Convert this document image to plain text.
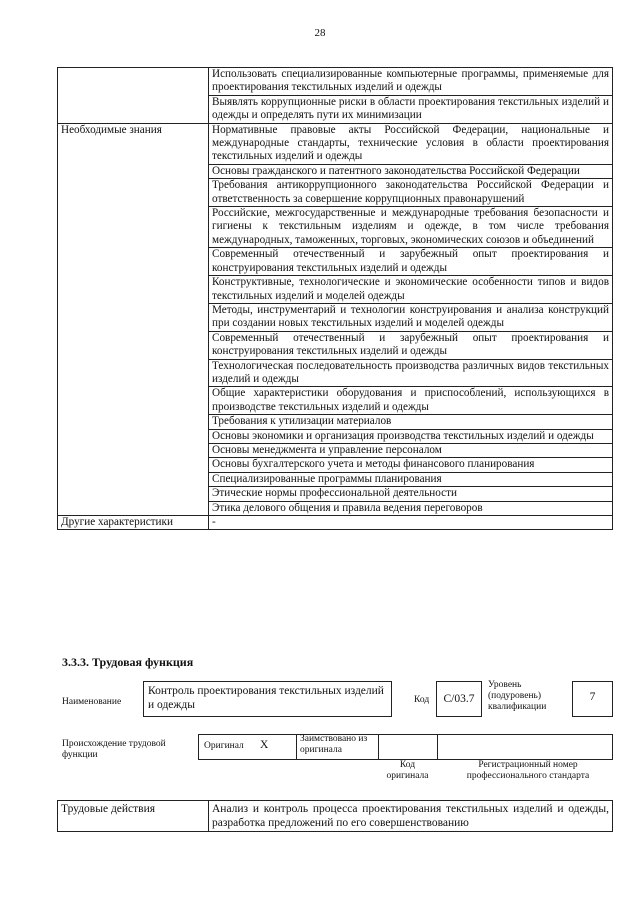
28
	Использовать специализированные компьютерные программы, применяемые для проектирования текстильных изделий и одежды
	Выявлять коррупционные риски в области проектирования текстильных изделий и одежды и определять пути их минимизации
Необходимые знания	Нормативные правовые акты Российской Федерации, национальные и международные стандарты, технические условия в области проектирования текстильных изделий и одежды
	Основы гражданского и патентного законодательства Российской Федерации
	Требования антикоррупционного законодательства Российской Федерации и ответственность за совершение коррупционных правонарушений
	Российские, межгосударственные и международные требования безопасности и гигиены к текстильным изделиям и одежде, в том числе требования международных, таможенных, торговых, экономических союзов и объединений
	Современный отечественный и зарубежный опыт проектирования и конструирования текстильных изделий и одежды
	Конструктивные, технологические и экономические особенности типов и видов текстильных изделий и моделей одежды
	Методы, инструментарий и технологии конструирования и анализа конструкций при создании новых текстильных изделий и моделей одежды
	Современный отечественный и зарубежный опыт проектирования и конструирования текстильных изделий и одежды
	Технологическая последовательность производства различных видов текстильных изделий и одежды
	Общие характеристики оборудования и приспособлений, использующихся в производстве текстильных изделий и одежды
	Требования к утилизации материалов
	Основы экономики и организация производства текстильных изделий и одежды
	Основы менеджмента и управление персоналом
	Основы бухгалтерского учета и методы финансового планирования
	Специализированные программы планирования
	Этические нормы профессиональной деятельности
	Этика делового общения и правила ведения переговоров
Другие характеристики	-
3.3.3. Трудовая функция
Наименование
Контроль проектирования текстильных изделий и одежды	Код	C/03.7
Уровень (подуровень) квалификации
7
Происхождение трудовой функции
Оригинал X	Заимствовано из оригинала
Код оригинала
Регистрационный номер профессионального стандарта
Трудовые действия	Анализ и контроль процесса проектирования текстильных изделий и одежды, разработка предложений по его совершенствованию
